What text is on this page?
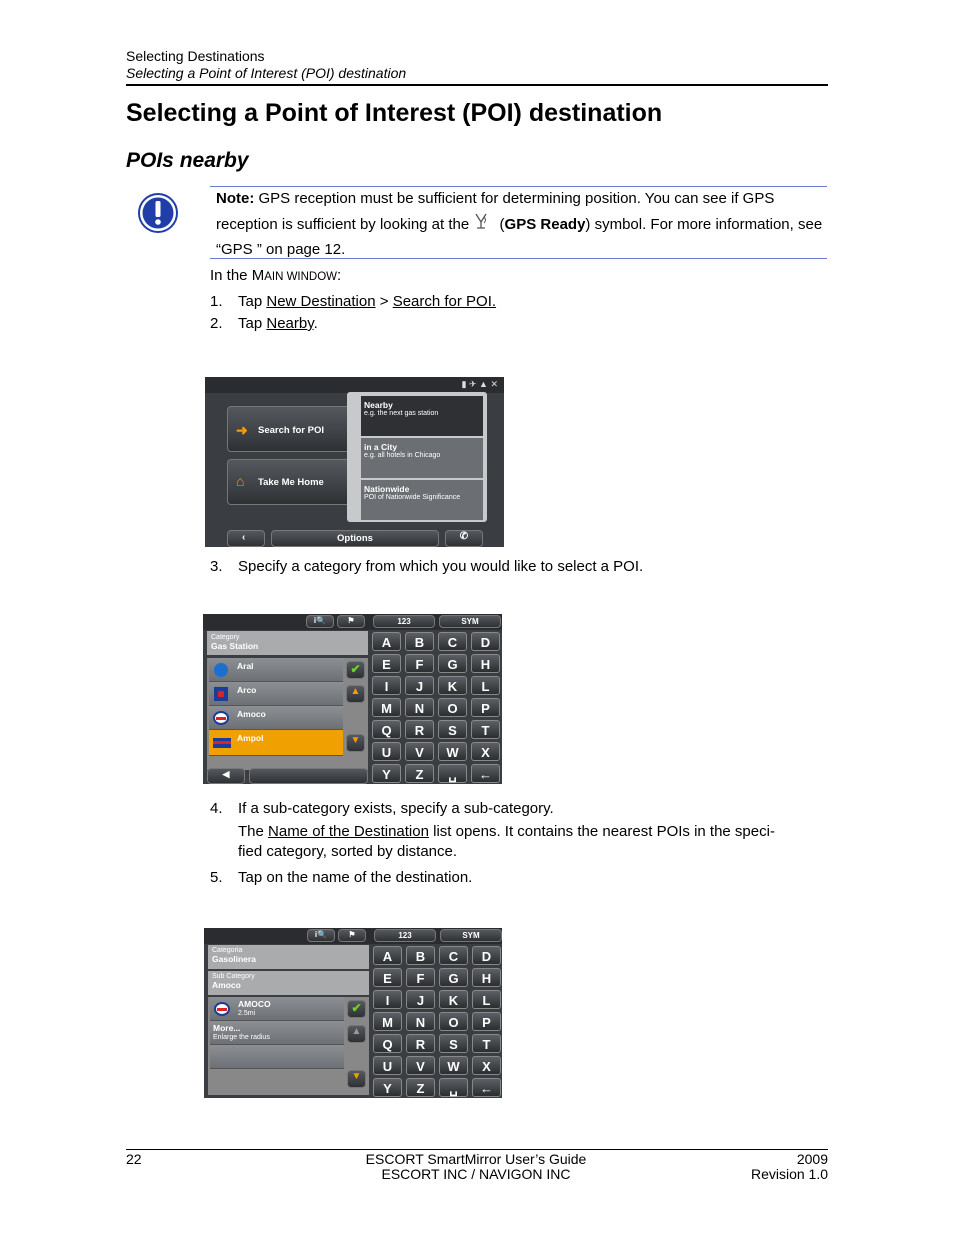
Selecting Destinations
Selecting a Point of Interest (POI) destination
Selecting a Point of Interest (POI) destination
POIs nearby
Note: GPS reception must be sufficient for determining position. You can see if GPS reception is sufficient by looking at the  (GPS Ready) symbol. For more information, see “GPS ” on page 12.
In the MAIN WINDOW:
1. Tap New Destination > Search for POI.
2. Tap Nearby.
▮ ✈ ▲ ✕
➜ Search for POI
⌂ Take Me Home
Nearby
e.g. the next gas station
in a City
e.g. all hotels in Chicago
Nationwide
POI of Nationwide Significance
‹	Options	✆
3. Specify a category from which you would like to select a POI.
i🔍	⚑	123	SYM
Category
Gas Station
Aral
Arco
Amoco
Ampol
✔
▲
▼
◀
A	B	C	D
E	F	G	H
I	J	K	L
M	N	O	P
Q	R	S	T
U	V	W	X
Y	Z	␣	←
4. If a sub-category exists, specify a sub-category.
The Name of the Destination list opens. It contains the nearest POIs in the speci-
fied category, sorted by distance.
5. Tap on the name of the destination.
i🔍	⚑	123	SYM
Categoria
Gasolinera
Sub Category
Amoco
AMOCO
2.5mi
More...
Enlarge the radius
✔
▲
▼
A	B	C	D
E	F	G	H
I	J	K	L
M	N	O	P
Q	R	S	T
U	V	W	X
Y	Z	␣	←
22	ESCORT SmartMirror User’s Guide
ESCORT INC / NAVIGON INC
2009
Revision 1.0
